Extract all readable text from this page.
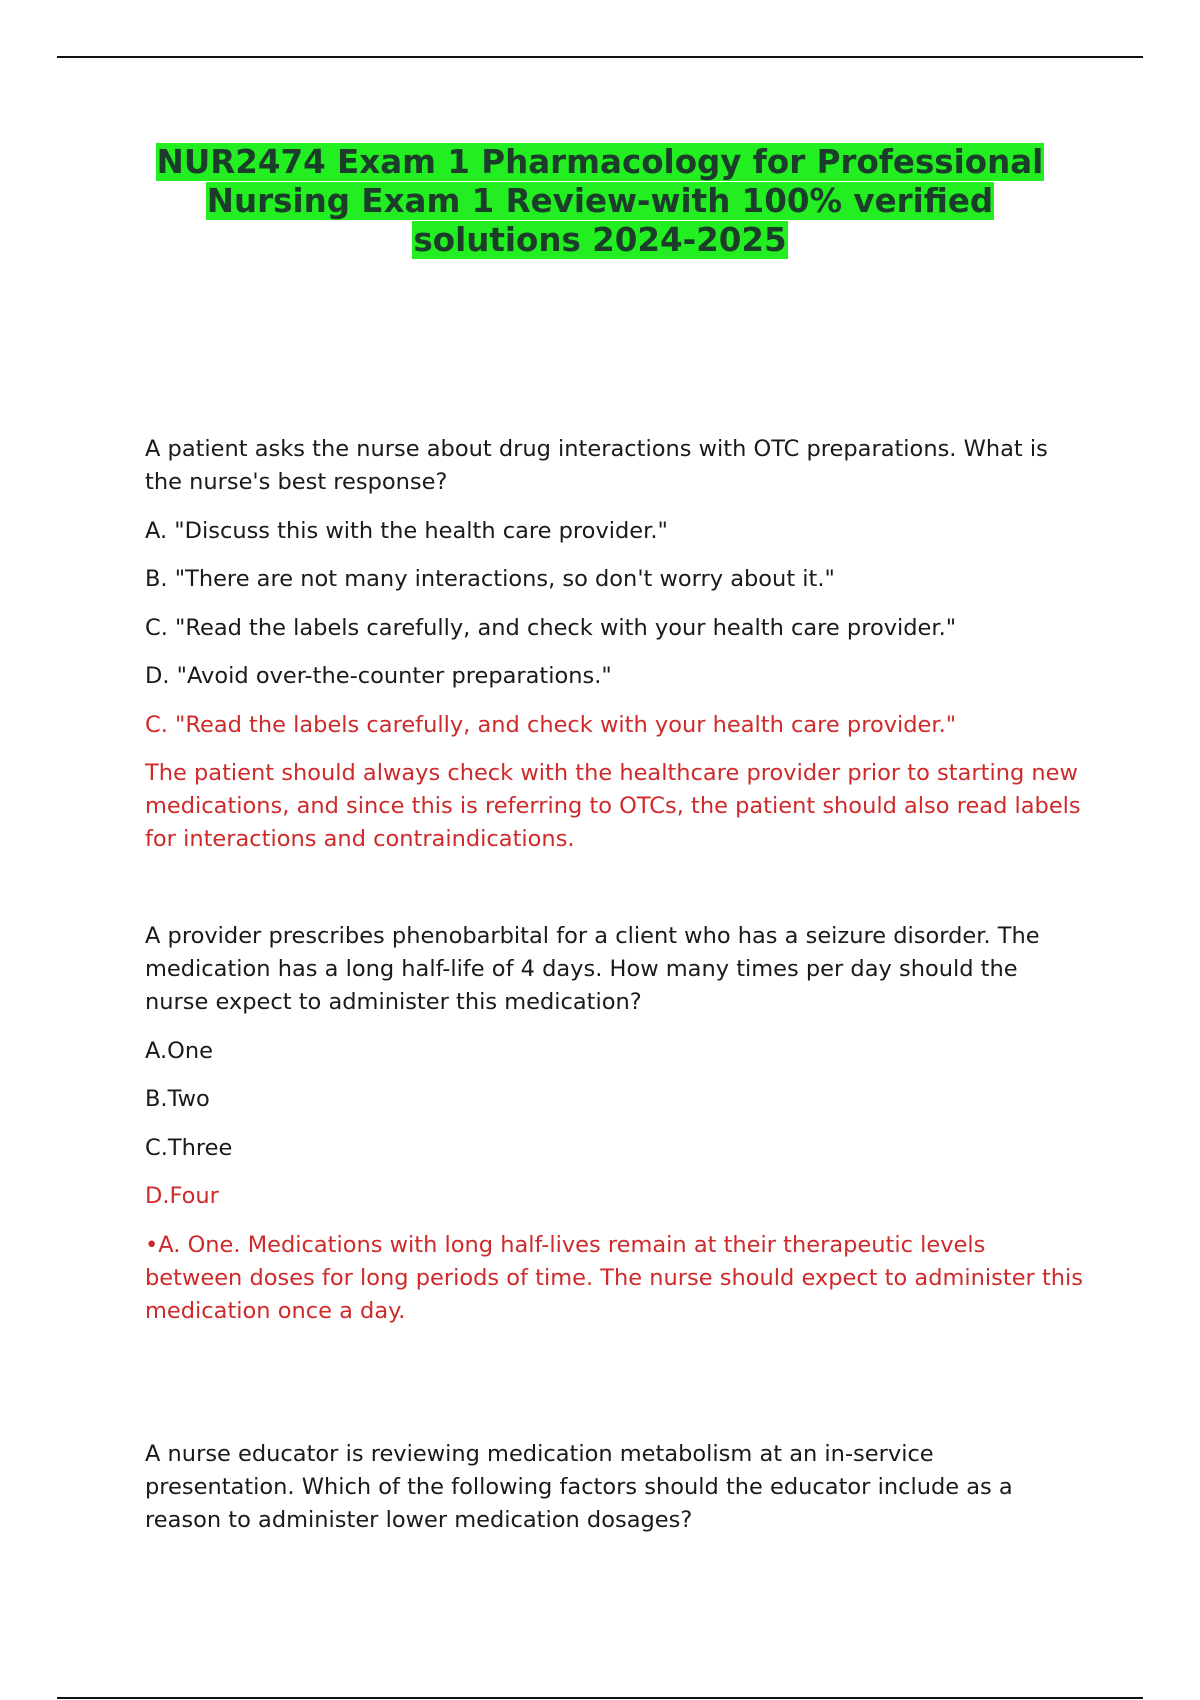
NUR2474 Exam 1 Pharmacology for Professional
Nursing Exam 1 Review-with 100% verified
solutions 2024-2025

A patient asks the nurse about drug interactions with OTC preparations. What is the nurse's best response?

A. "Discuss this with the health care provider."

B. "There are not many interactions, so don't worry about it."

C. "Read the labels carefully, and check with your health care provider."

D. "Avoid over-the-counter preparations."

C. "Read the labels carefully, and check with your health care provider."

The patient should always check with the healthcare provider prior to starting new medications, and since this is referring to OTCs, the patient should also read labels for interactions and contraindications.

A provider prescribes phenobarbital for a client who has a seizure disorder. The medication has a long half-life of 4 days. How many times per day should the nurse expect to administer this medication?

A.One

B.Two

C.Three

D.Four

•A. One. Medications with long half-lives remain at their therapeutic levels between doses for long periods of time. The nurse should expect to administer this medication once a day.

A nurse educator is reviewing medication metabolism at an in-service presentation. Which of the following factors should the educator include as a reason to administer lower medication dosages?
